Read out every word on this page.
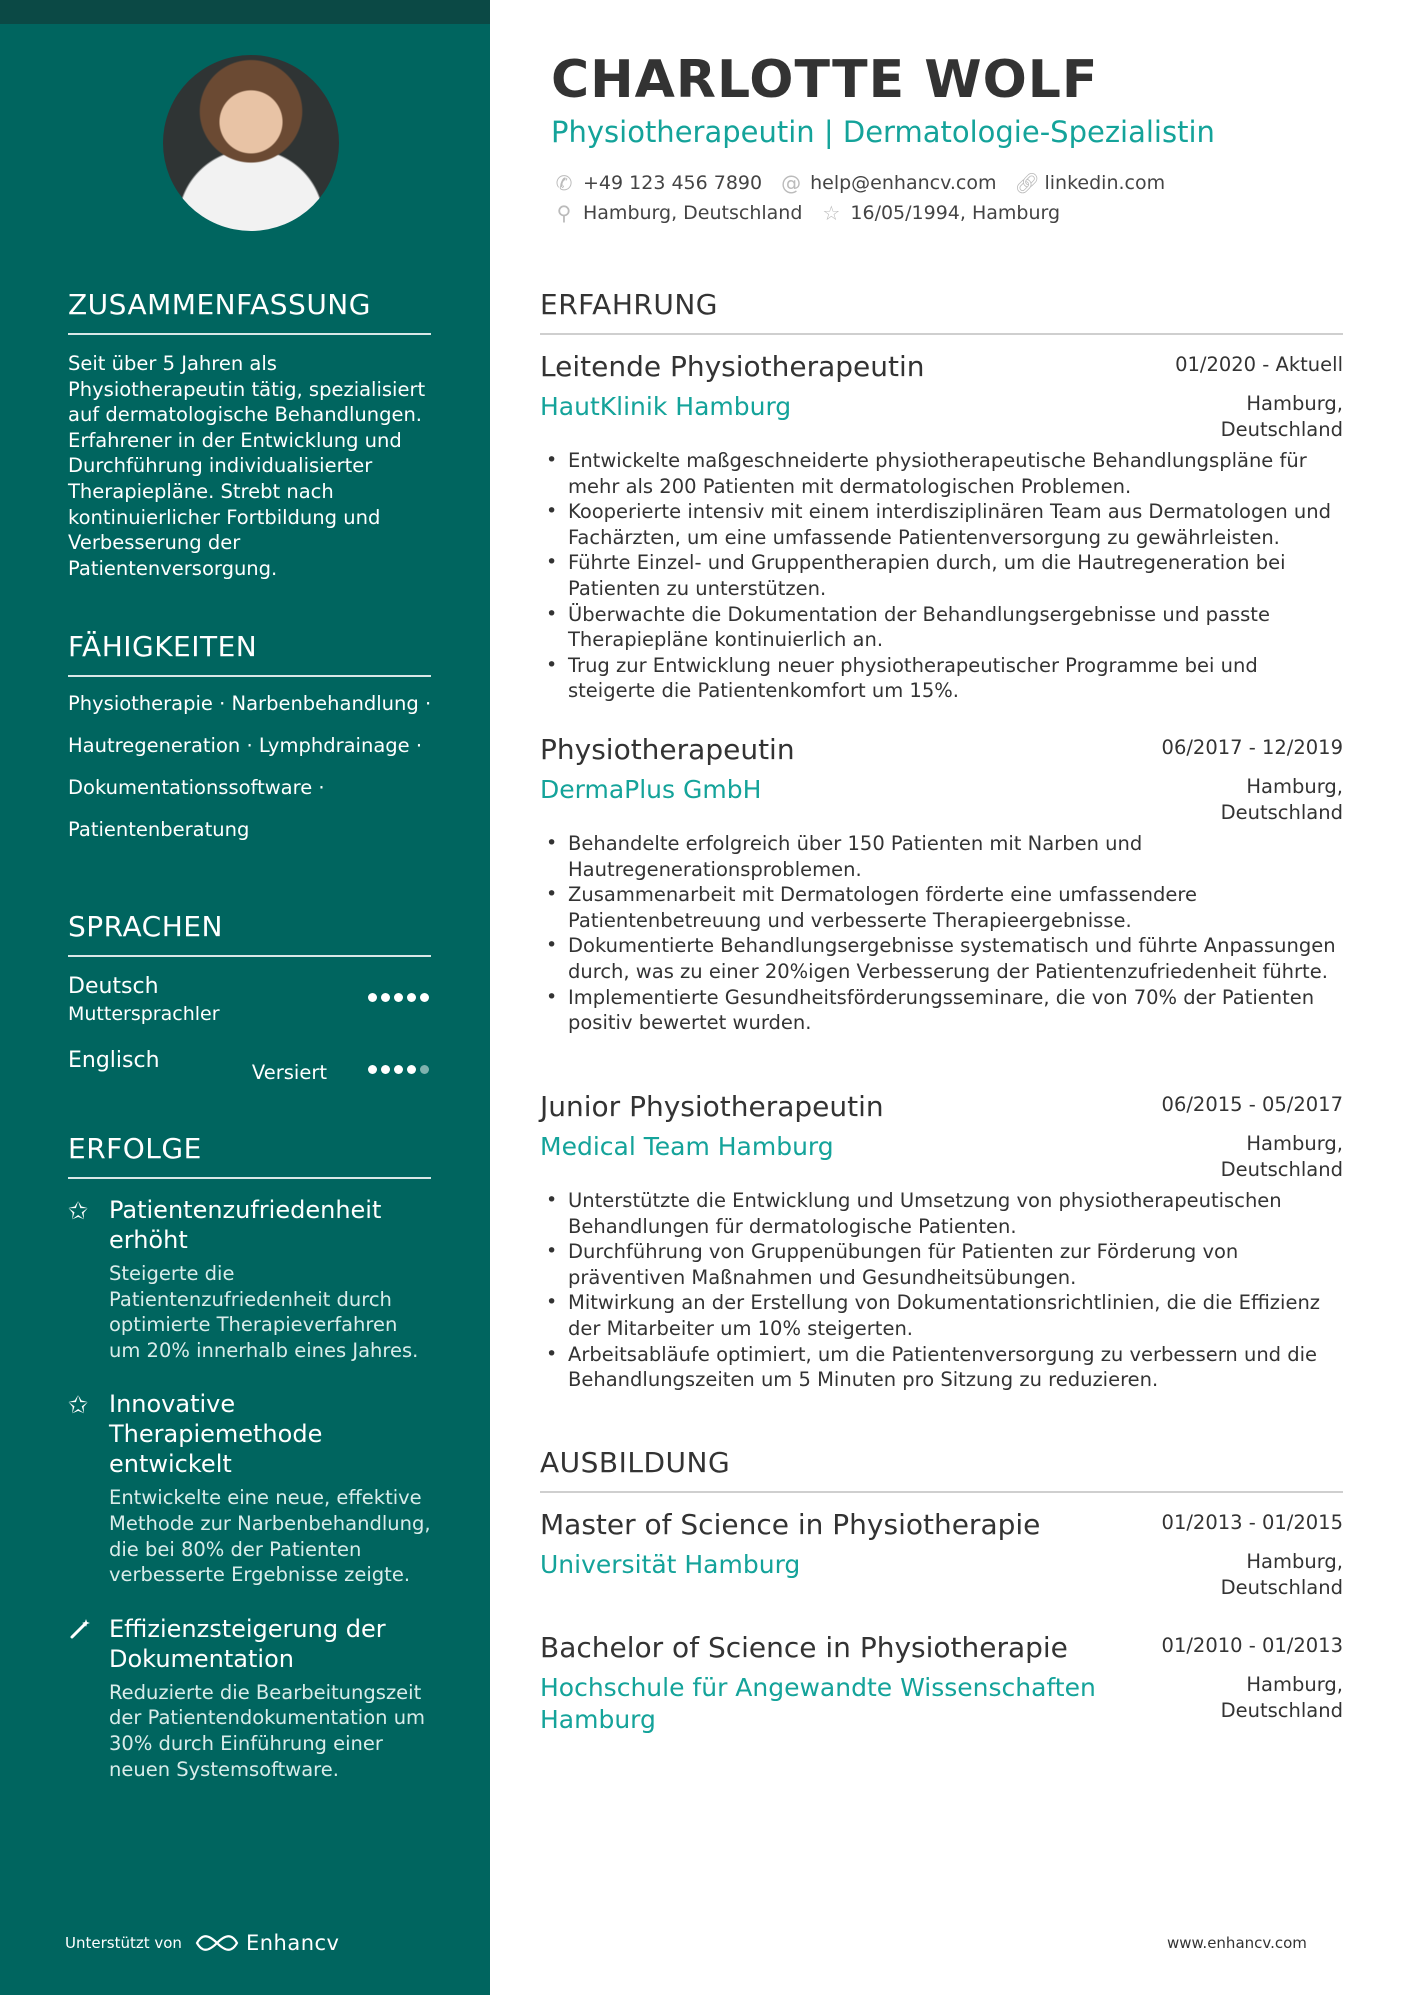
ZUSAMMENFASSUNG
Seit über 5 Jahren als Physiotherapeutin tätig, spezialisiert auf dermatologische Behandlungen. Erfahrener in der Entwicklung und Durchführung individualisierter Therapiepläne. Strebt nach kontinuierlicher Fortbildung und Verbesserung der Patientenversorgung.
FÄHIGKEITEN
Physiotherapie · Narbenbehandlung ·
Hautregeneration · Lymphdrainage ·
Dokumentationssoftware ·
Patientenberatung
SPRACHEN
Deutsch
Muttersprachler
Englisch	Versiert
ERFOLGE
✩ Patientenzufriedenheit erhöht
Steigerte die Patientenzufriedenheit durch optimierte Therapieverfahren um 20% innerhalb eines Jahres.
✩ Innovative Therapiemethode entwickelt
Entwickelte eine neue, effektive Methode zur Narbenbehandlung, die bei 80% der Patienten verbesserte Ergebnisse zeigte.
Effizienzsteigerung der Dokumentation
Reduzierte die Bearbeitungszeit der Patientendokumentation um 30% durch Einführung einer neuen Systemsoftware.
Unterstützt von	Enhancv
CHARLOTTE WOLF
Physiotherapeutin | Dermatologie-Spezialistin
✆ +49 123 456 7890 @ help@enhancv.com 🔗︎ linkedin.com
⚲ Hamburg, Deutschland ☆ 16/05/1994, Hamburg
ERFAHRUNG
Leitende Physiotherapeutin	01/2020 - Aktuell
HautKlinik Hamburg	Hamburg, Deutschland
• Entwickelte maßgeschneiderte physiotherapeutische Behandlungspläne für mehr als 200 Patienten mit dermatologischen Problemen.
• Kooperierte intensiv mit einem interdisziplinären Team aus Dermatologen und Fachärzten, um eine umfassende Patientenversorgung zu gewährleisten.
• Führte Einzel- und Gruppentherapien durch, um die Hautregeneration bei Patienten zu unterstützen.
• Überwachte die Dokumentation der Behandlungsergebnisse und passte Therapiepläne kontinuierlich an.
• Trug zur Entwicklung neuer physiotherapeutischer Programme bei und steigerte die Patientenkomfort um 15%.
Physiotherapeutin	06/2017 - 12/2019
DermaPlus GmbH	Hamburg, Deutschland
• Behandelte erfolgreich über 150 Patienten mit Narben und Hautregenerationsproblemen.
• Zusammenarbeit mit Dermatologen förderte eine umfassendere Patientenbetreuung und verbesserte Therapieergebnisse.
• Dokumentierte Behandlungsergebnisse systematisch und führte Anpassungen durch, was zu einer 20%igen Verbesserung der Patientenzufriedenheit führte.
• Implementierte Gesundheitsförderungsseminare, die von 70% der Patienten positiv bewertet wurden.
Junior Physiotherapeutin	06/2015 - 05/2017
Medical Team Hamburg	Hamburg, Deutschland
• Unterstützte die Entwicklung und Umsetzung von physiotherapeutischen Behandlungen für dermatologische Patienten.
• Durchführung von Gruppenübungen für Patienten zur Förderung von präventiven Maßnahmen und Gesundheitsübungen.
• Mitwirkung an der Erstellung von Dokumentationsrichtlinien, die die Effizienz der Mitarbeiter um 10% steigerten.
• Arbeitsabläufe optimiert, um die Patientenversorgung zu verbessern und die Behandlungszeiten um 5 Minuten pro Sitzung zu reduzieren.
AUSBILDUNG
Master of Science in Physiotherapie	01/2013 - 01/2015
Universität Hamburg	Hamburg, Deutschland
Bachelor of Science in Physiotherapie	01/2010 - 01/2013
Hochschule für Angewandte Wissenschaften Hamburg
Hamburg, Deutschland
www.enhancv.com
